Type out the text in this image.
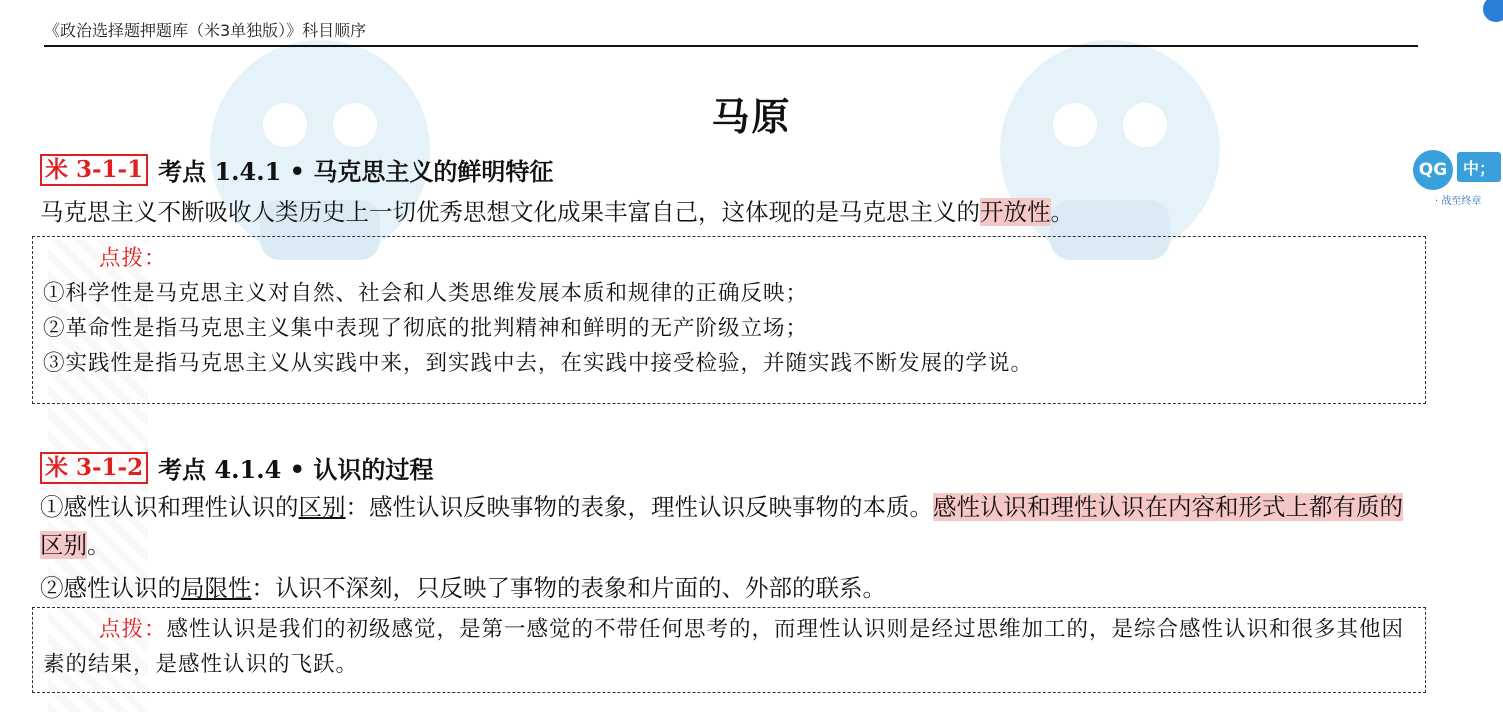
《政治选择题押题库（米3单独版）》科目顺序
马原
QG 中；
· 战至终章
米 3-1-1 考点 1.4.1 • 马克思主义的鲜明特征
马克思主义不断吸收人类历史上一切优秀思想文化成果丰富自己，这体现的是马克思主义的开放性。
点拨：
①科学性是马克思主义对自然、社会和人类思维发展本质和规律的正确反映；
②革命性是指马克思主义集中表现了彻底的批判精神和鲜明的无产阶级立场；
③实践性是指马克思主义从实践中来，到实践中去，在实践中接受检验，并随实践不断发展的学说。
米 3-1-2 考点 4.1.4 • 认识的过程
①感性认识和理性认识的区别：感性认识反映事物的表象，理性认识反映事物的本质。感性认识和理性认识在内容和形式上都有质的区别。
②感性认识的局限性：认识不深刻，只反映了事物的表象和片面的、外部的联系。
点拨：感性认识是我们的初级感觉，是第一感觉的不带任何思考的，而理性认识则是经过思维加工的，是综合感性认识和很多其他因素的结果，是感性认识的飞跃。
